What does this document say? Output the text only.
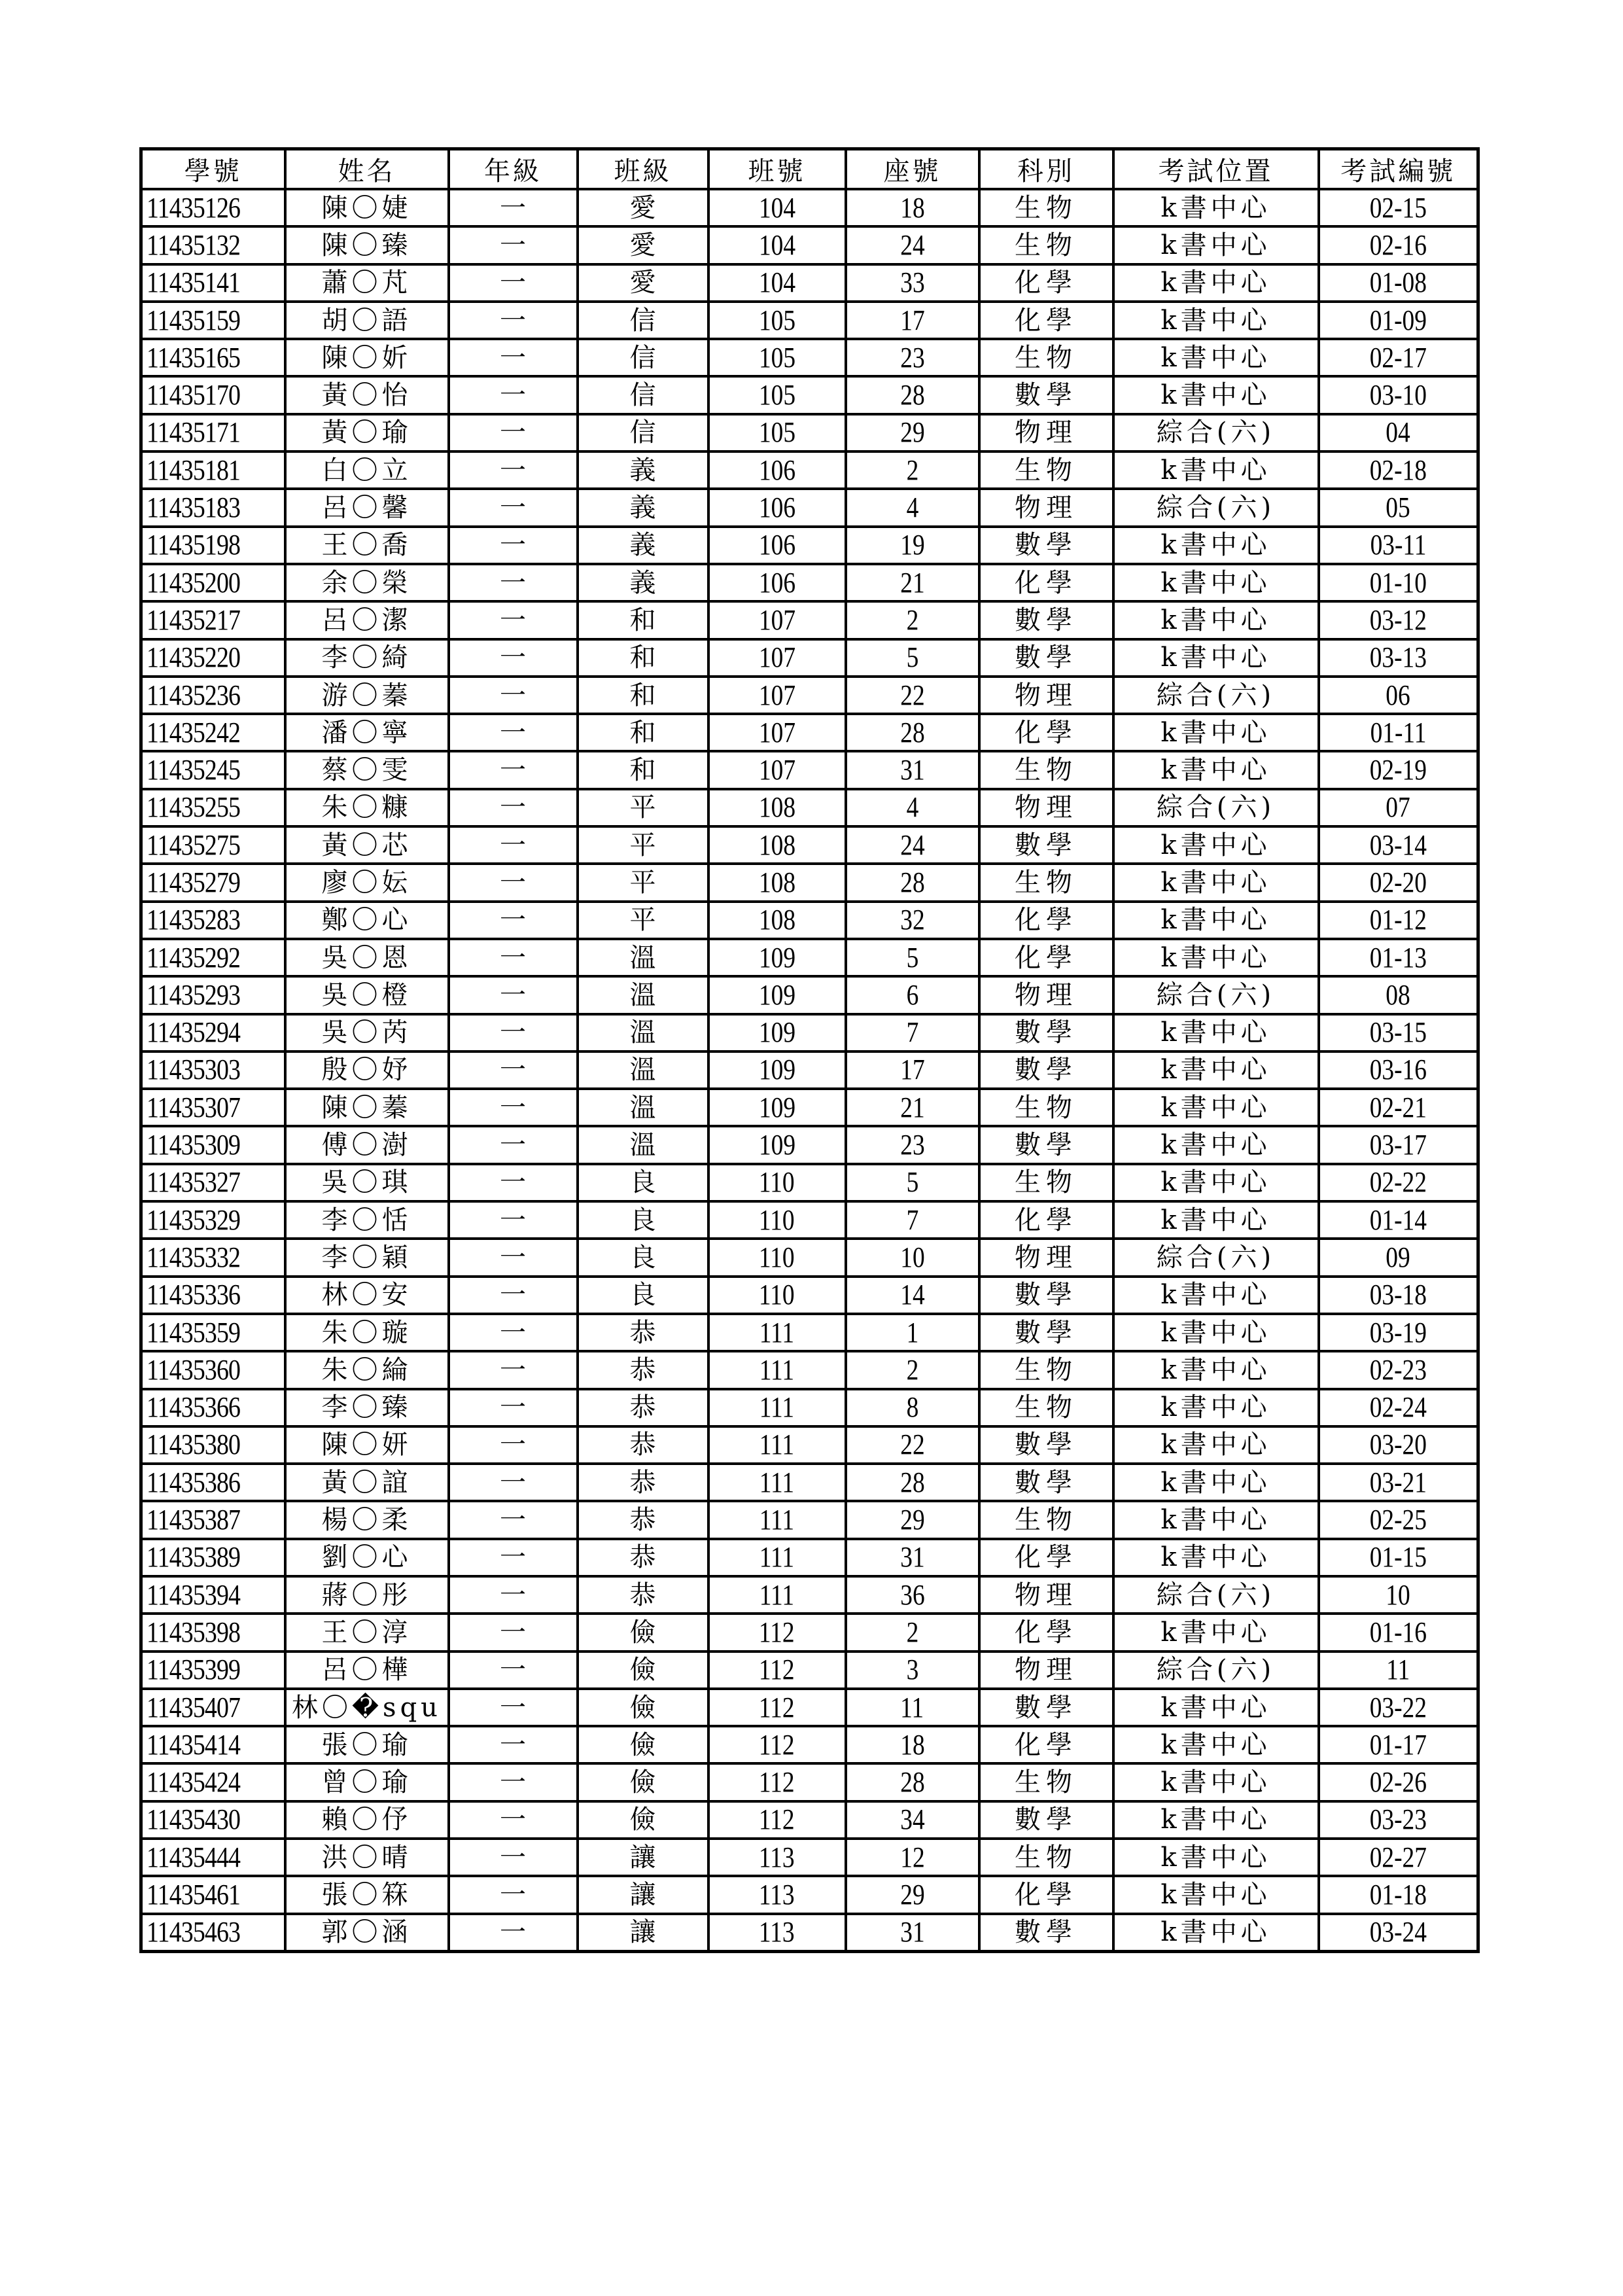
學號	姓名	年級	班級	班號	座號	科別	考試位置	考試編號
11435126	陳〇婕	一	愛	104	18	生物	k書中心	02-15
11435132	陳〇臻	一	愛	104	24	生物	k書中心	02-16
11435141	蕭〇芃	一	愛	104	33	化學	k書中心	01-08
11435159	胡〇語	一	信	105	17	化學	k書中心	01-09
11435165	陳〇妡	一	信	105	23	生物	k書中心	02-17
11435170	黃〇怡	一	信	105	28	數學	k書中心	03-10
11435171	黃〇瑜	一	信	105	29	物理	綜合(六)	04
11435181	白〇立	一	義	106	2	生物	k書中心	02-18
11435183	呂〇馨	一	義	106	4	物理	綜合(六)	05
11435198	王〇喬	一	義	106	19	數學	k書中心	03-11
11435200	余〇榮	一	義	106	21	化學	k書中心	01-10
11435217	呂〇潔	一	和	107	2	數學	k書中心	03-12
11435220	李〇綺	一	和	107	5	數學	k書中心	03-13
11435236	游〇蓁	一	和	107	22	物理	綜合(六)	06
11435242	潘〇寧	一	和	107	28	化學	k書中心	01-11
11435245	蔡〇雯	一	和	107	31	生物	k書中心	02-19
11435255	朱〇糠	一	平	108	4	物理	綜合(六)	07
11435275	黃〇芯	一	平	108	24	數學	k書中心	03-14
11435279	廖〇妘	一	平	108	28	生物	k書中心	02-20
11435283	鄭〇心	一	平	108	32	化學	k書中心	01-12
11435292	吳〇恩	一	溫	109	5	化學	k書中心	01-13
11435293	吳〇橙	一	溫	109	6	物理	綜合(六)	08
11435294	吳〇芮	一	溫	109	7	數學	k書中心	03-15
11435303	殷〇妤	一	溫	109	17	數學	k書中心	03-16
11435307	陳〇蓁	一	溫	109	21	生物	k書中心	02-21
11435309	傅〇澍	一	溫	109	23	數學	k書中心	03-17
11435327	吳〇琪	一	良	110	5	生物	k書中心	02-22
11435329	李〇恬	一	良	110	7	化學	k書中心	01-14
11435332	李〇穎	一	良	110	10	物理	綜合(六)	09
11435336	林〇安	一	良	110	14	數學	k書中心	03-18
11435359	朱〇璇	一	恭	111	1	數學	k書中心	03-19
11435360	朱〇綸	一	恭	111	2	生物	k書中心	02-23
11435366	李〇臻	一	恭	111	8	生物	k書中心	02-24
11435380	陳〇妍	一	恭	111	22	數學	k書中心	03-20
11435386	黃〇誼	一	恭	111	28	數學	k書中心	03-21
11435387	楊〇柔	一	恭	111	29	生物	k書中心	02-25
11435389	劉〇心	一	恭	111	31	化學	k書中心	01-15
11435394	蔣〇彤	一	恭	111	36	物理	綜合(六)	10
11435398	王〇淳	一	儉	112	2	化學	k書中心	01-16
11435399	呂〇樺	一	儉	112	3	物理	綜合(六)	11
11435407	林〇�squ	一	儉	112	11	數學	k書中心	03-22
11435414	張〇瑜	一	儉	112	18	化學	k書中心	01-17
11435424	曾〇瑜	一	儉	112	28	生物	k書中心	02-26
11435430	賴〇伃	一	儉	112	34	數學	k書中心	03-23
11435444	洪〇晴	一	讓	113	12	生物	k書中心	02-27
11435461	張〇箖	一	讓	113	29	化學	k書中心	01-18
11435463	郭〇涵	一	讓	113	31	數學	k書中心	03-24
